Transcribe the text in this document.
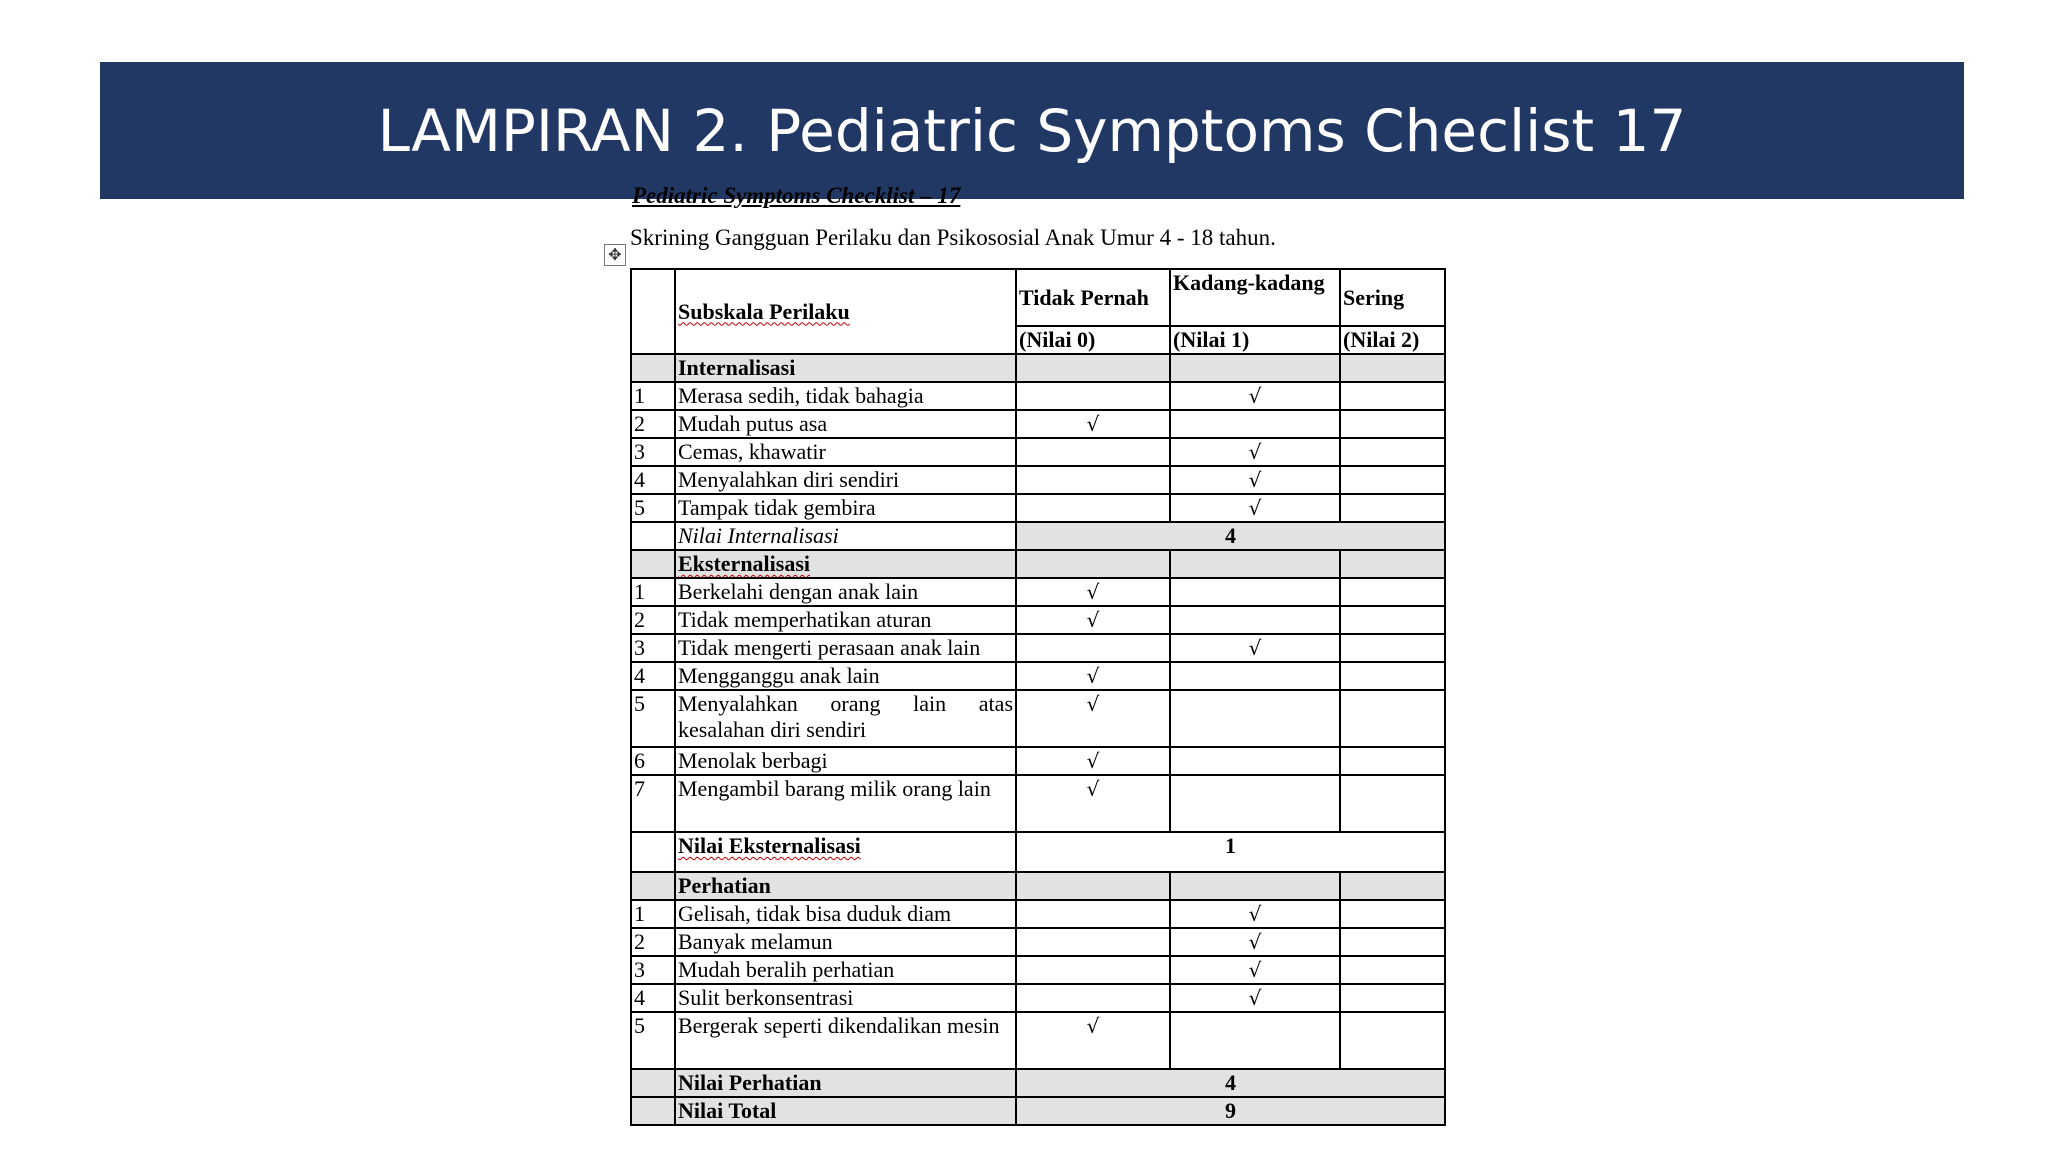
LAMPIRAN 2. Pediatric Symptoms Checlist 17
Pediatric Symptoms Checklist – 17
Skrining Gangguan Perilaku dan Psikososial Anak Umur 4 - 18 tahun.
✥
	Subskala Perilaku	Tidak Pernah	Kadang-kadang	Sering
		(Nilai 0)	(Nilai 1)	(Nilai 2)
	Internalisasi			
1	Merasa sedih, tidak bahagia		√	
2	Mudah putus asa	√		
3	Cemas, khawatir		√	
4	Menyalahkan diri sendiri		√	
5	Tampak tidak gembira		√	
	Nilai Internalisasi	4		
	Eksternalisasi			
1	Berkelahi dengan anak lain	√		
2	Tidak memperhatikan aturan	√		
3	Tidak mengerti perasaan anak lain		√	
4	Mengganggu anak lain	√		
5	Menyalahkan orang lain atas kesalahan diri sendiri	√		
6	Menolak berbagi	√		
7	Mengambil barang milik orang lain	√		
	Nilai Eksternalisasi	1		
	Perhatian			
1	Gelisah, tidak bisa duduk diam		√	
2	Banyak melamun		√	
3	Mudah beralih perhatian		√	
4	Sulit berkonsentrasi		√	
5	Bergerak seperti dikendalikan mesin	√		
	Nilai Perhatian	4		
	Nilai Total	9		
